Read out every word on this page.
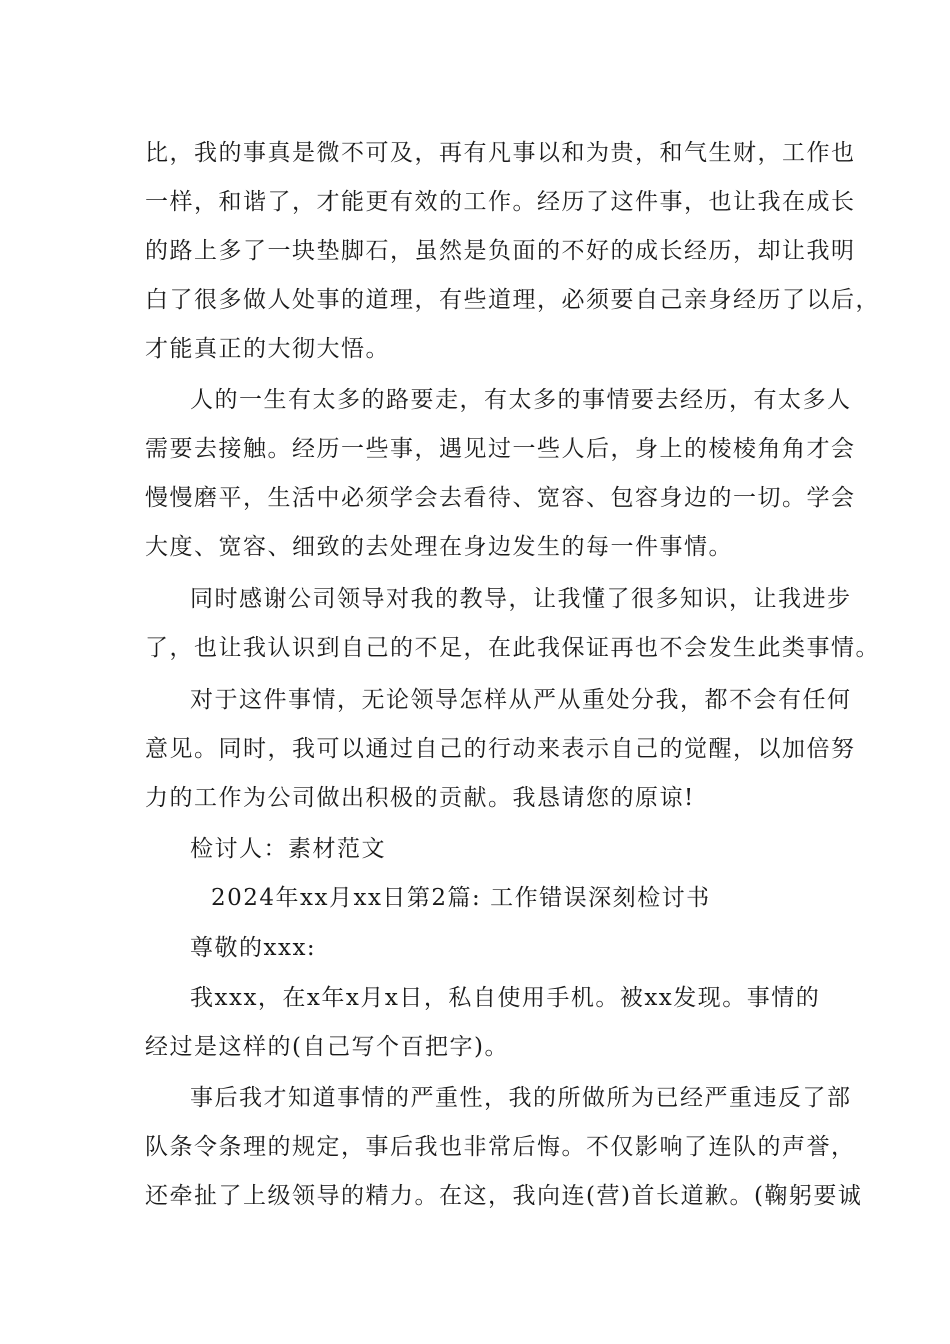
比，我的事真是微不可及，再有凡事以和为贵，和气生财，工作也
一样，和谐了，才能更有效的工作。经历了这件事，也让我在成长
的路上多了一块垫脚石，虽然是负面的不好的成长经历，却让我明
白了很多做人处事的道理，有些道理，必须要自己亲身经历了以后，
才能真正的大彻大悟。
人的一生有太多的路要走，有太多的事情要去经历，有太多人
需要去接触。经历一些事，遇见过一些人后，身上的棱棱角角才会
慢慢磨平，生活中必须学会去看待、宽容、包容身边的一切。学会
大度、宽容、细致的去处理在身边发生的每一件事情。
同时感谢公司领导对我的教导，让我懂了很多知识，让我进步
了，也让我认识到自己的不足，在此我保证再也不会发生此类事情。
对于这件事情，无论领导怎样从严从重处分我，都不会有任何
意见。同时，我可以通过自己的行动来表示自己的觉醒，以加倍努
力的工作为公司做出积极的贡献。我恳请您的原谅!
检讨人：素材范文
2024年xx月xx日第2篇: 工作错误深刻检讨书
尊敬的xxx:
我xxx，在x年x月x日，私自使用手机。被xx发现。事情的
经过是这样的(自己写个百把字)。
事后我才知道事情的严重性，我的所做所为已经严重违反了部
队条令条理的规定，事后我也非常后悔。不仅影响了连队的声誉，
还牵扯了上级领导的精力。在这，我向连(营)首长道歉。(鞠躬要诚
